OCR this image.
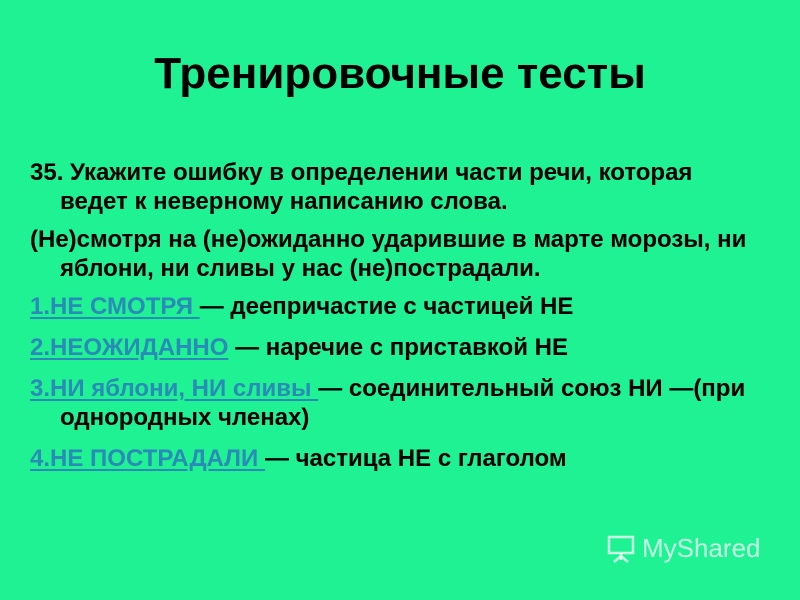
Тренировочные тесты

35. Укажите ошибку в определении части речи, которая ведет к неверному написанию слова.

(Не)смотря на (не)ожиданно ударившие в марте морозы, ни яблони, ни сливы у нас (не)пострадали.

1.НЕ СМОТРЯ — деепричастие с частицей НЕ

2.НЕОЖИДАННО — наречие с приставкой НЕ

3.НИ яблони, НИ сливы — соединительный союз НИ —(при однородных членах)

4.НЕ ПОСТРАДАЛИ — частица НЕ с глаголом

MyShared
